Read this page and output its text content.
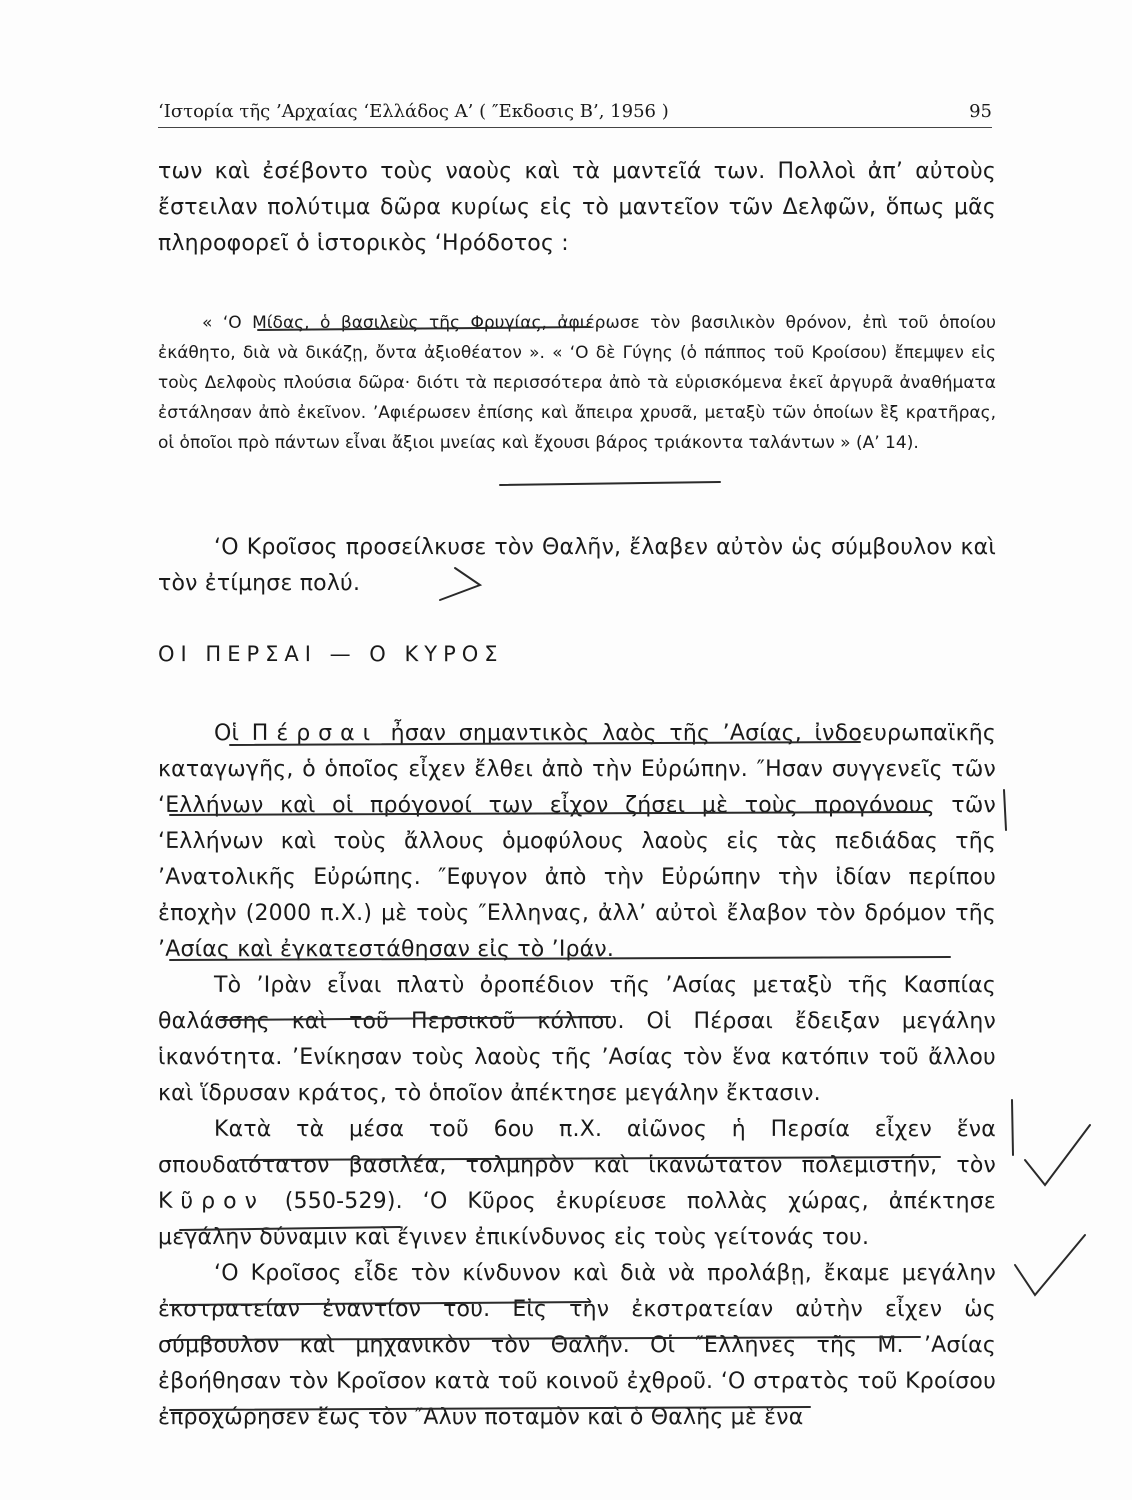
‘Ιστορία τῆς ’Αρχαίας ‘Ελλάδος Α’ ( ″Εκδοσις Β’, 1956 )	95

των καὶ ἐσέβοντο τοὺς ναοὺς καὶ τὰ μαντεῖά των. Πολλοὶ ἀπ’ αὐτοὺς ἔστειλαν πολύτιμα δῶρα κυρίως εἰς τὸ μαντεῖον τῶν Δελφῶν, ὅπως μᾶς πληροφορεῖ ὁ ἱστορικὸς ‘Ηρόδοτος :

« ‘Ο Μίδας, ὁ βασιλεὺς τῆς Φρυγίας, ἀφιέρωσε τὸν βασιλικὸν θρόνον, ἐπὶ τοῦ ὁποίου ἐκάθητο, διὰ νὰ δικάζῃ, ὄντα ἀξιοθέατον ». « ‘Ο δὲ Γύγης (ὁ πάππος τοῦ Κροίσου) ἔπεμψεν εἰς τοὺς Δελφοὺς πλούσια δῶρα· διότι τὰ περισσότερα ἀπὸ τὰ εὑρισκόμενα ἐκεῖ ἀργυρᾶ ἀναθήματα ἐστάλησαν ἀπὸ ἐκεῖνον. ’Αφιέρωσεν ἐπίσης καὶ ἄπειρα χρυσᾶ, μεταξὺ τῶν ὁποίων ἓξ κρατῆρας, οἱ ὁποῖοι πρὸ πάντων εἶναι ἄξιοι μνείας καὶ ἔχουσι βάρος τριάκοντα ταλάντων » (Α’ 14).

‘Ο Κροῖσος προσείλκυσε τὸν Θαλῆν, ἔλαβεν αὐτὸν ὡς σύμβουλον καὶ τὸν ἐτίμησε πολύ.

ΟΙ ΠΕΡΣΑΙ — Ο ΚΥΡΟΣ

Οἱ Πέρσαι ἦσαν σημαντικὸς λαὸς τῆς ’Ασίας, ἰνδοευρωπαϊκῆς καταγωγῆς, ὁ ὁποῖος εἶχεν ἔλθει ἀπὸ τὴν Εὐρώπην. ″Ησαν συγγενεῖς τῶν ‘Ελλήνων καὶ οἱ πρόγονοί των εἶχον ζήσει μὲ τοὺς προγόνους τῶν ‘Ελλήνων καὶ τοὺς ἄλλους ὁμοφύλους λαοὺς εἰς τὰς πεδιάδας τῆς ’Ανατολικῆς Εὐρώπης. ″Εφυγον ἀπὸ τὴν Εὐρώπην τὴν ἰδίαν περίπου ἐποχὴν (2000 π.Χ.) μὲ τοὺς ″Ελληνας, ἀλλ’ αὐτοὶ ἔλαβον τὸν δρόμον τῆς ’Ασίας καὶ ἐγκατεστάθησαν εἰς τὸ ’Ιράν.

Τὸ ’Ιρὰν εἶναι πλατὺ ὀροπέδιον τῆς ’Ασίας μεταξὺ τῆς Κασπίας θαλάσσης καὶ τοῦ Περσικοῦ κόλπου. Οἱ Πέρσαι ἔδειξαν μεγάλην ἱκανότητα. ’Ενίκησαν τοὺς λαοὺς τῆς ’Ασίας τὸν ἕνα κατόπιν τοῦ ἄλλου καὶ ἵδρυσαν κράτος, τὸ ὁποῖον ἀπέκτησε μεγάλην ἔκτασιν.

Κατὰ τὰ μέσα τοῦ 6ου π.Χ. αἰῶνος ἡ Περσία εἶχεν ἕνα σπουδαιότατον βασιλέα, τολμηρὸν καὶ ἱκανώτατον πολεμιστήν, τὸν Κῦρον (550-529). ‘Ο Κῦρος ἐκυρίευσε πολλὰς χώρας, ἀπέκτησε μεγάλην δύναμιν καὶ ἔγινεν ἐπικίνδυνος εἰς τοὺς γείτονάς του.

‘Ο Κροῖσος εἶδε τὸν κίνδυνον καὶ διὰ νὰ προλάβῃ, ἔκαμε μεγάλην ἐκστρατείαν ἐναντίον του. Εἰς τὴν ἐκστρατείαν αὐτὴν εἶχεν ὡς σύμβουλον καὶ μηχανικὸν τὸν Θαλῆν. Οἱ ″Ελληνες τῆς Μ. ’Ασίας ἐβοήθησαν τὸν Κροῖσον κατὰ τοῦ κοινοῦ ἐχθροῦ. ‘Ο στρατὸς τοῦ Κροίσου ἐπροχώρησεν ἕως τὸν ″Αλυν ποταμὸν καὶ ὁ Θαλῆς μὲ ἕνα
